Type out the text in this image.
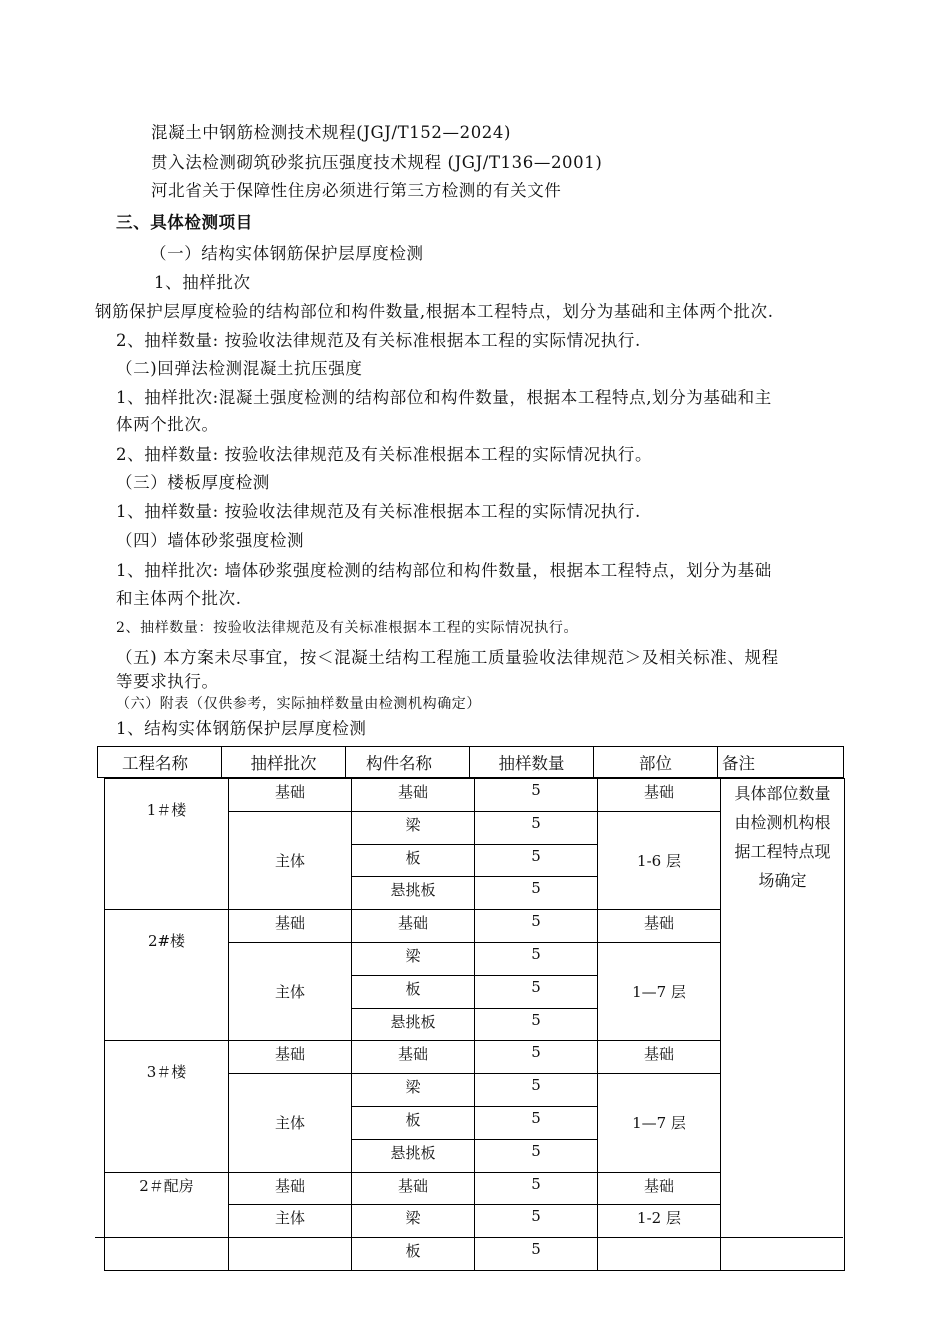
混凝土中钢筋检测技术规程(JGJ/T152—2024)
贯入法检测砌筑砂浆抗压强度技术规程 (JGJ/T136—2001)
河北省关于保障性住房必须进行第三方检测的有关文件
三、具体检测项目
（一）结构实体钢筋保护层厚度检测
1、抽样批次
钢筋保护层厚度检验的结构部位和构件数量,根据本工程特点，划分为基础和主体两个批次.
2、抽样数量: 按验收法律规范及有关标准根据本工程的实际情况执行.
（二)回弹法检测混凝土抗压强度
1、抽样批次:混凝土强度检测的结构部位和构件数量，根据本工程特点,划分为基础和主
体两个批次。
2、抽样数量: 按验收法律规范及有关标准根据本工程的实际情况执行。
（三）楼板厚度检测
1、抽样数量: 按验收法律规范及有关标准根据本工程的实际情况执行.
（四）墙体砂浆强度检测
1、抽样批次: 墙体砂浆强度检测的结构部位和构件数量，根据本工程特点，划分为基础
和主体两个批次.
2、抽样数量：按验收法律规范及有关标准根据本工程的实际情况执行。
（五) 本方案未尽事宜，按＜混凝土结构工程施工质量验收法律规范＞及相关标准、规程
等要求执行。
（六）附表（仅供参考，实际抽样数量由检测机构确定）
1、结构实体钢筋保护层厚度检测
工程名称	抽样批次	构件名称	抽样数量	部位	备注
1＃楼	基础	基础	5	基础	具体部位数量由检测机构根据工程特点现场确定
	主体	梁	5	1-6 层	
		板	5		
		悬挑板	5		
2#楼	基础	基础	5	基础	
	主体	梁	5	1—7 层	
		板	5		
		悬挑板	5		
3＃楼	基础	基础	5	基础	
	主体	梁	5	1—7 层	
		板	5		
		悬挑板	5		
2＃配房	基础	基础	5	基础	
	主体	梁	5	1-2 层	
		板	5		
